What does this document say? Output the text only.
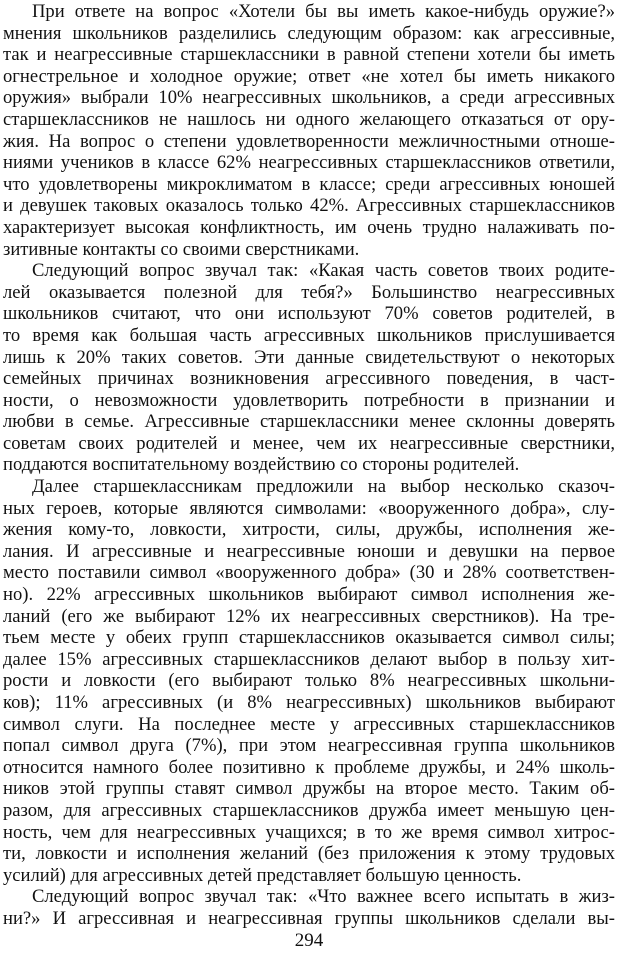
При ответе на вопрос «Хотели бы вы иметь какое-нибудь оружие?»
мнения школьников разделились следующим образом: как агрессивные,
так и неагрессивные старшеклассники в равной степени хотели бы иметь
огнестрельное и холодное оружие; ответ «не хотел бы иметь никакого
оружия» выбрали 10% неагрессивных школьников, а среди агрессивных
старшеклассников не нашлось ни одного желающего отказаться от ору-
жия. На вопрос о степени удовлетворенности межличностными отноше-
ниями учеников в классе 62% неагрессивных старшеклассников ответили,
что удовлетворены микроклиматом в классе; среди агрессивных юношей
и девушек таковых оказалось только 42%. Агрессивных старшеклассников
характеризует высокая конфликтность, им очень трудно налаживать по-
зитивные контакты со своими сверстниками.
Следующий вопрос звучал так: «Какая часть советов твоих родите-
лей оказывается полезной для тебя?» Большинство неагрессивных
школьников считают, что они используют 70% советов родителей, в
то время как большая часть агрессивных школьников прислушивается
лишь к 20% таких советов. Эти данные свидетельствуют о некоторых
семейных причинах возникновения агрессивного поведения, в част-
ности, о невозможности удовлетворить потребности в признании и
любви в семье. Агрессивные старшеклассники менее склонны доверять
советам своих родителей и менее, чем их неагрессивные сверстники,
поддаются воспитательному воздействию со стороны родителей.
Далее старшеклассникам предложили на выбор несколько сказоч-
ных героев, которые являются символами: «вооруженного добра», слу-
жения кому-то, ловкости, хитрости, силы, дружбы, исполнения же-
лания. И агрессивные и неагрессивные юноши и девушки на первое
место поставили символ «вооруженного добра» (30 и 28% соответствен-
но). 22% агрессивных школьников выбирают символ исполнения же-
ланий (его же выбирают 12% их неагрессивных сверстников). На тре-
тьем месте у обеих групп старшеклассников оказывается символ силы;
далее 15% агрессивных старшеклассников делают выбор в пользу хит-
рости и ловкости (его выбирают только 8% неагрессивных школьни-
ков); 11% агрессивных (и 8% неагрессивных) школьников выбирают
символ слуги. На последнее месте у агрессивных старшеклассников
попал символ друга (7%), при этом неагрессивная группа школьников
относится намного более позитивно к проблеме дружбы, и 24% школь-
ников этой группы ставят символ дружбы на второе место. Таким об-
разом, для агрессивных старшеклассников дружба имеет меньшую цен-
ность, чем для неагрессивных учащихся; в то же время символ хитрос-
ти, ловкости и исполнения желаний (без приложения к этому трудовых
усилий) для агрессивных детей представляет большую ценность.
Следующий вопрос звучал так: «Что важнее всего испытать в жиз-
ни?» И агрессивная и неагрессивная группы школьников сделали вы-
294
